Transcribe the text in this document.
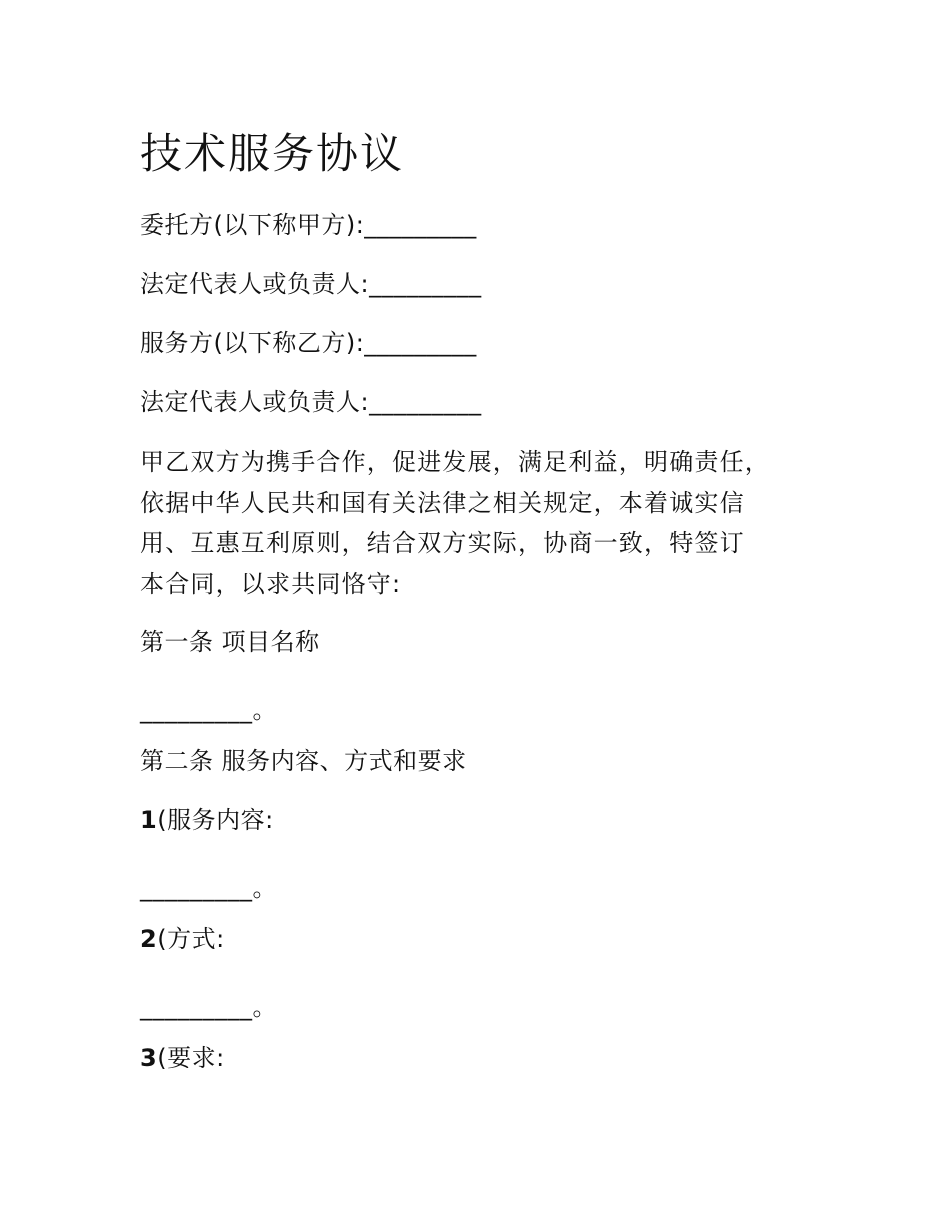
技术服务协议
委托方(以下称甲方):_________
法定代表人或负责人:_________
服务方(以下称乙方):_________
法定代表人或负责人:_________
甲乙双方为携手合作，促进发展，满足利益，明确责任，
依据中华人民共和国有关法律之相关规定，本着诚实信
用、互惠互利原则，结合双方实际，协商一致，特签订
本合同，以求共同恪守:
第一条 项目名称
_________。
第二条 服务内容、方式和要求
1(服务内容:
_________。
2(方式:
_________。
3(要求:
